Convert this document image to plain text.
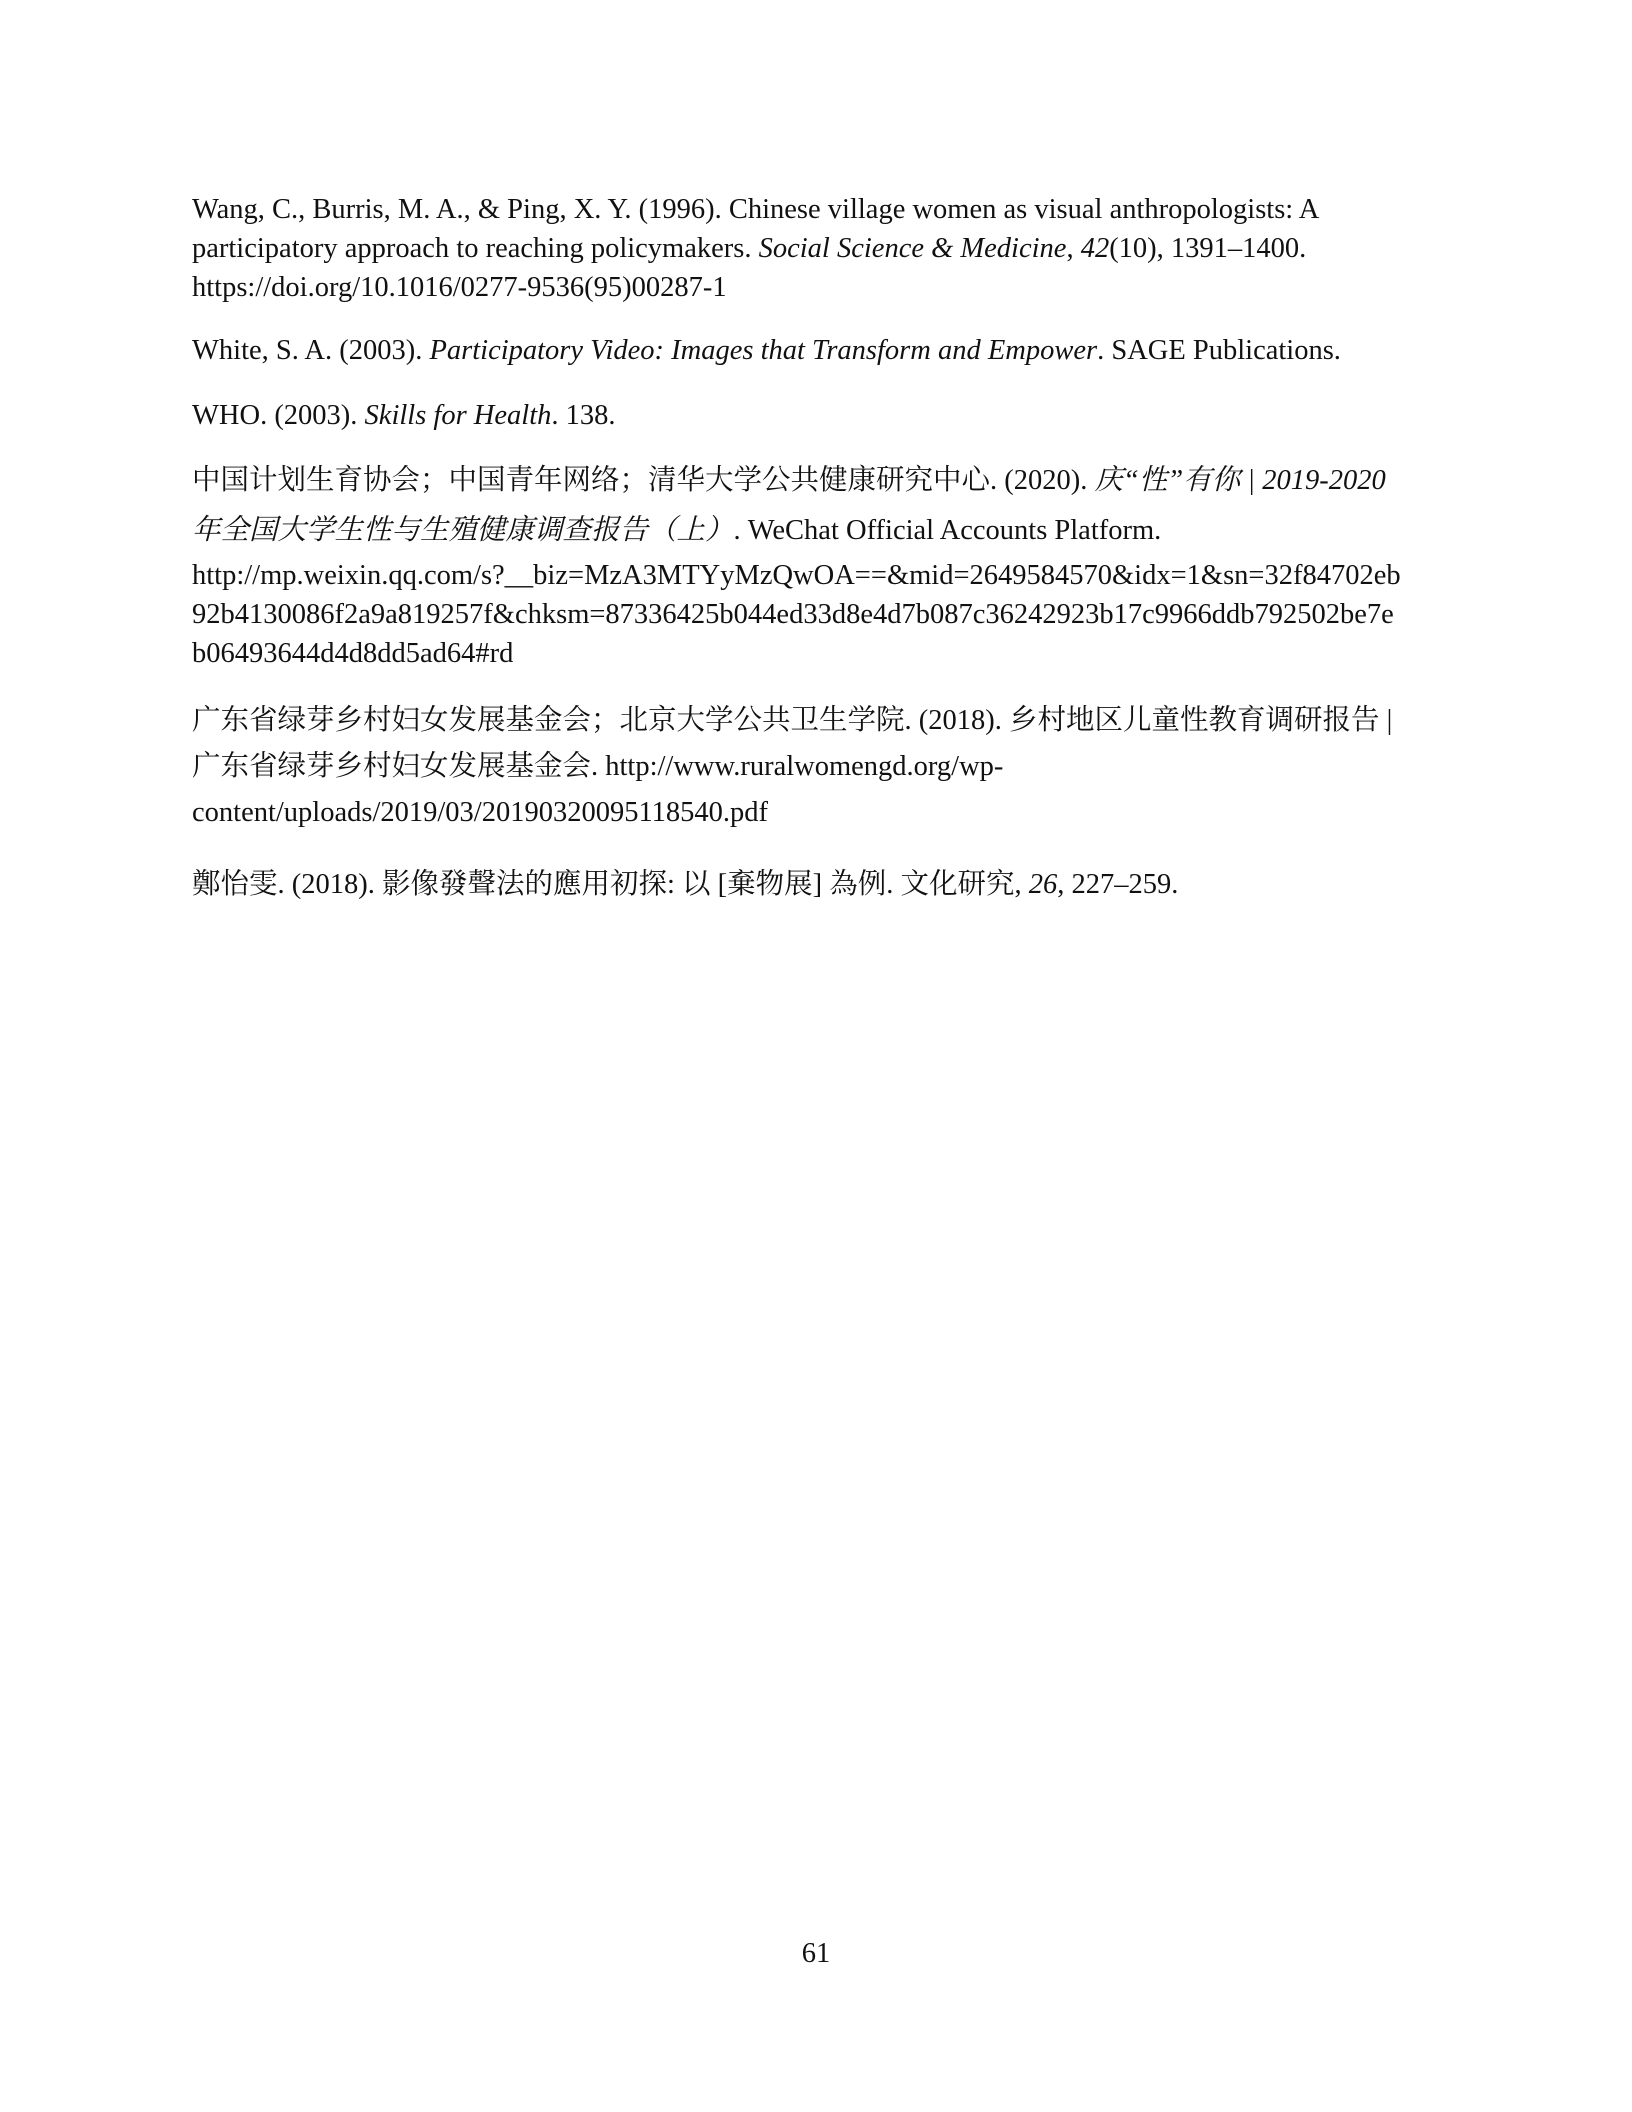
Wang, C., Burris, M. A., & Ping, X. Y. (1996). Chinese village women as visual anthropologists: A
participatory approach to reaching policymakers. Social Science & Medicine, 42(10), 1391–1400.
https://doi.org/10.1016/0277-9536(95)00287-1
White, S. A. (2003). Participatory Video: Images that Transform and Empower. SAGE Publications.
WHO. (2003). Skills for Health. 138.
中国计划生育协会；中国青年网络；清华大学公共健康研究中心. (2020). 庆“性”有你 | 2019-2020
年全国大学生性与生殖健康调查报告（上）. WeChat Official Accounts Platform.
http://mp.weixin.qq.com/s?__biz=MzA3MTYyMzQwOA==&mid=2649584570&idx=1&sn=32f84702eb
92b4130086f2a9a819257f&chksm=87336425b044ed33d8e4d7b087c36242923b17c9966ddb792502be7e
b06493644d4d8dd5ad64#rd
广东省绿芽乡村妇女发展基金会；北京大学公共卫生学院. (2018). 乡村地区儿童性教育调研报告 |
广东省绿芽乡村妇女发展基金会. http://www.ruralwomengd.org/wp-
content/uploads/2019/03/20190320095118540.pdf
鄭怡雯. (2018). 影像發聲法的應用初探: 以 [棄物展] 為例. 文化研究, 26, 227–259.
61
